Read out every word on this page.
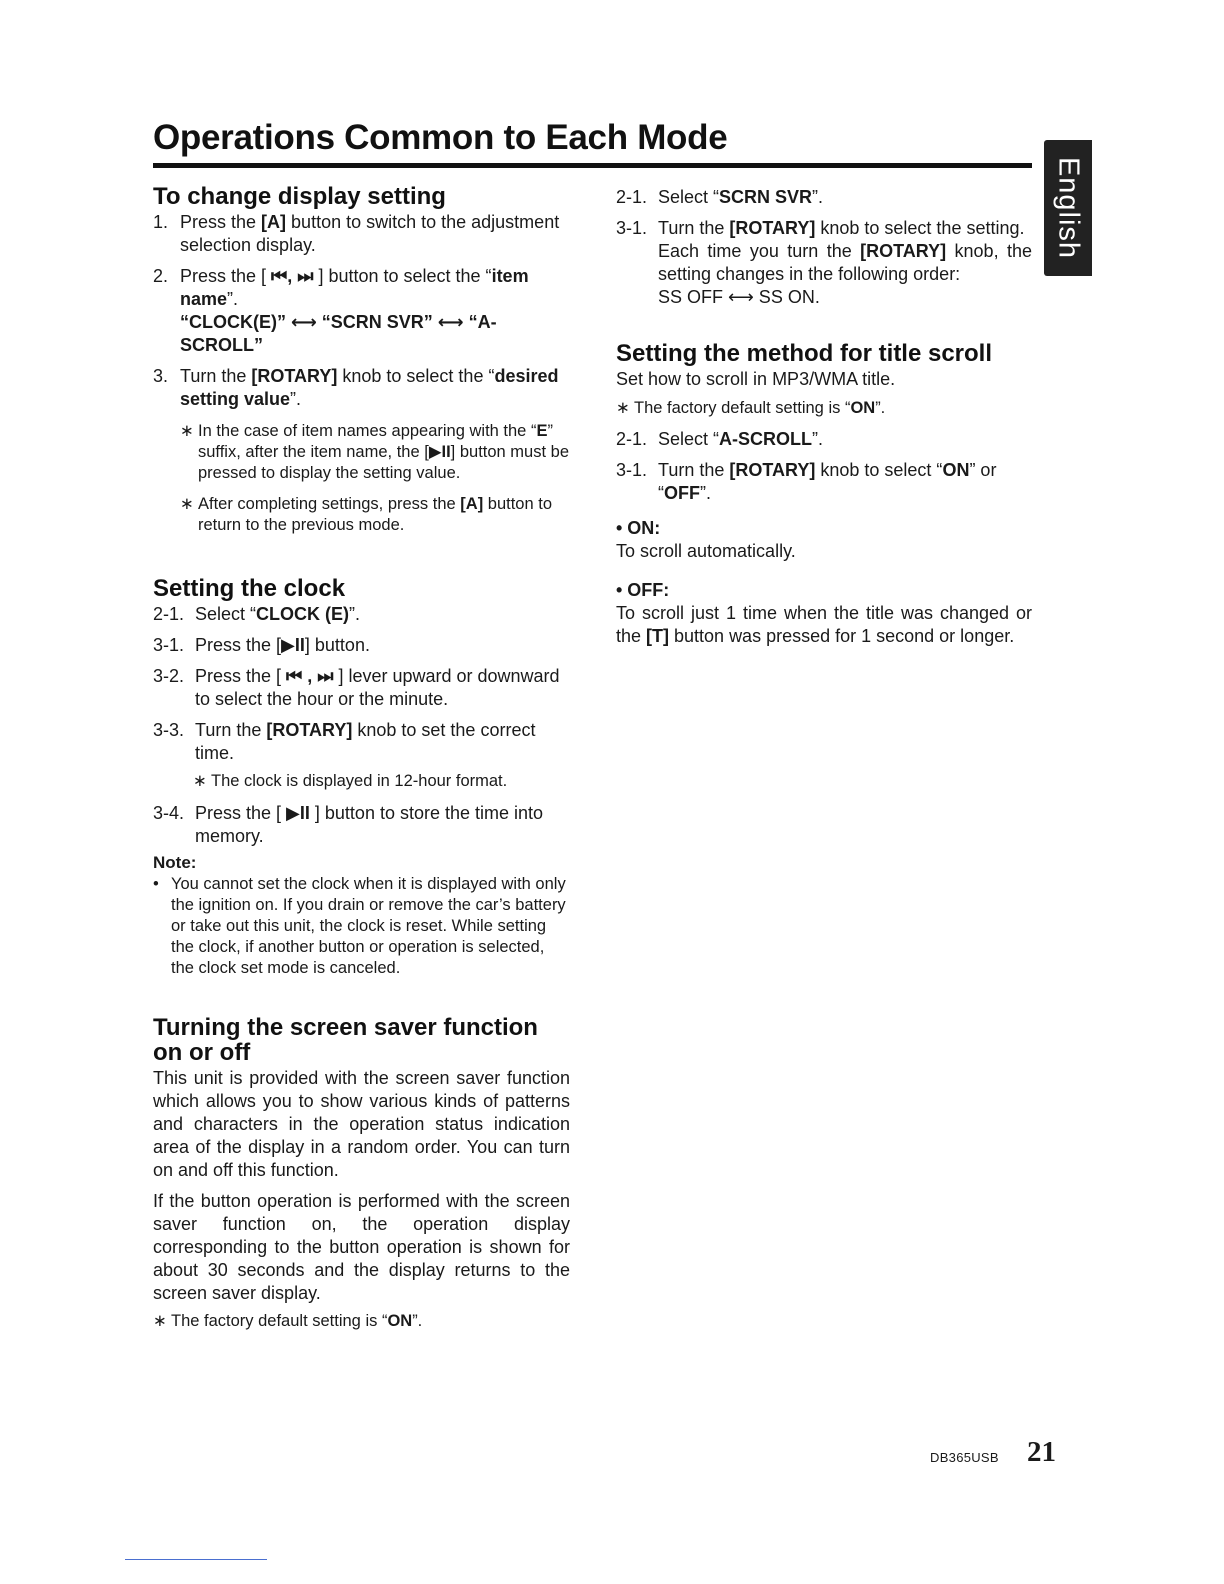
Operations Common to Each Mode
English
To change display setting
1. Press the [A] button to switch to the adjustment selection display.
2. Press the [ ⏮, ⏭ ] button to select the “item name”.

“CLOCK(E)” ⟷ “SCRN SVR” ⟷ “A-SCROLL”

3. Turn the [ROTARY] knob to select the “desired setting value”.
∗ In the case of item names appearing with the “E” suffix, after the item name, the [▶II] button must be pressed to display the setting value.
∗ After completing settings, press the [A] button to return to the previous mode.
Setting the clock
2-1. Select “CLOCK (E)”.
3-1. Press the [▶II] button.
3-2. Press the [ ⏮ , ⏭ ] lever upward or downward to select the hour or the minute.
3-3. Turn the [ROTARY] knob to set the correct time.
∗ The clock is displayed in 12-hour format.
3-4. Press the [ ▶II ] button to store the time into memory.

Note:

• You cannot set the clock when it is displayed with only the ignition on. If you drain or remove the car’s battery or take out this unit, the clock is reset. While setting the clock, if another button or operation is selected, the clock set mode is canceled.
Turning the screen saver function on or off

This unit is provided with the screen saver function which allows you to show various kinds of patterns and characters in the operation status indication area of the display in a random order. You can turn on and off this function.

If the button operation is performed with the screen saver function on, the operation display corresponding to the button operation is shown for about 30 seconds and the display returns to the screen saver display.

∗ The factory default setting is “ON”.
2-1. Select “SCRN SVR”.
3-1. Turn the [ROTARY] knob to select the setting.

Each time you turn the [ROTARY] knob, the setting changes in the following order:

SS OFF ⟷ SS ON.

Setting the method for title scroll

Set how to scroll in MP3/WMA title.

∗ The factory default setting is “ON”.
2-1. Select “A-SCROLL”.
3-1. Turn the [ROTARY] knob to select “ON” or “OFF”.

• ON:

To scroll automatically.

• OFF:

To scroll just 1 time when the title was changed or the [T] button was pressed for 1 second or longer.

DB365USB 21
